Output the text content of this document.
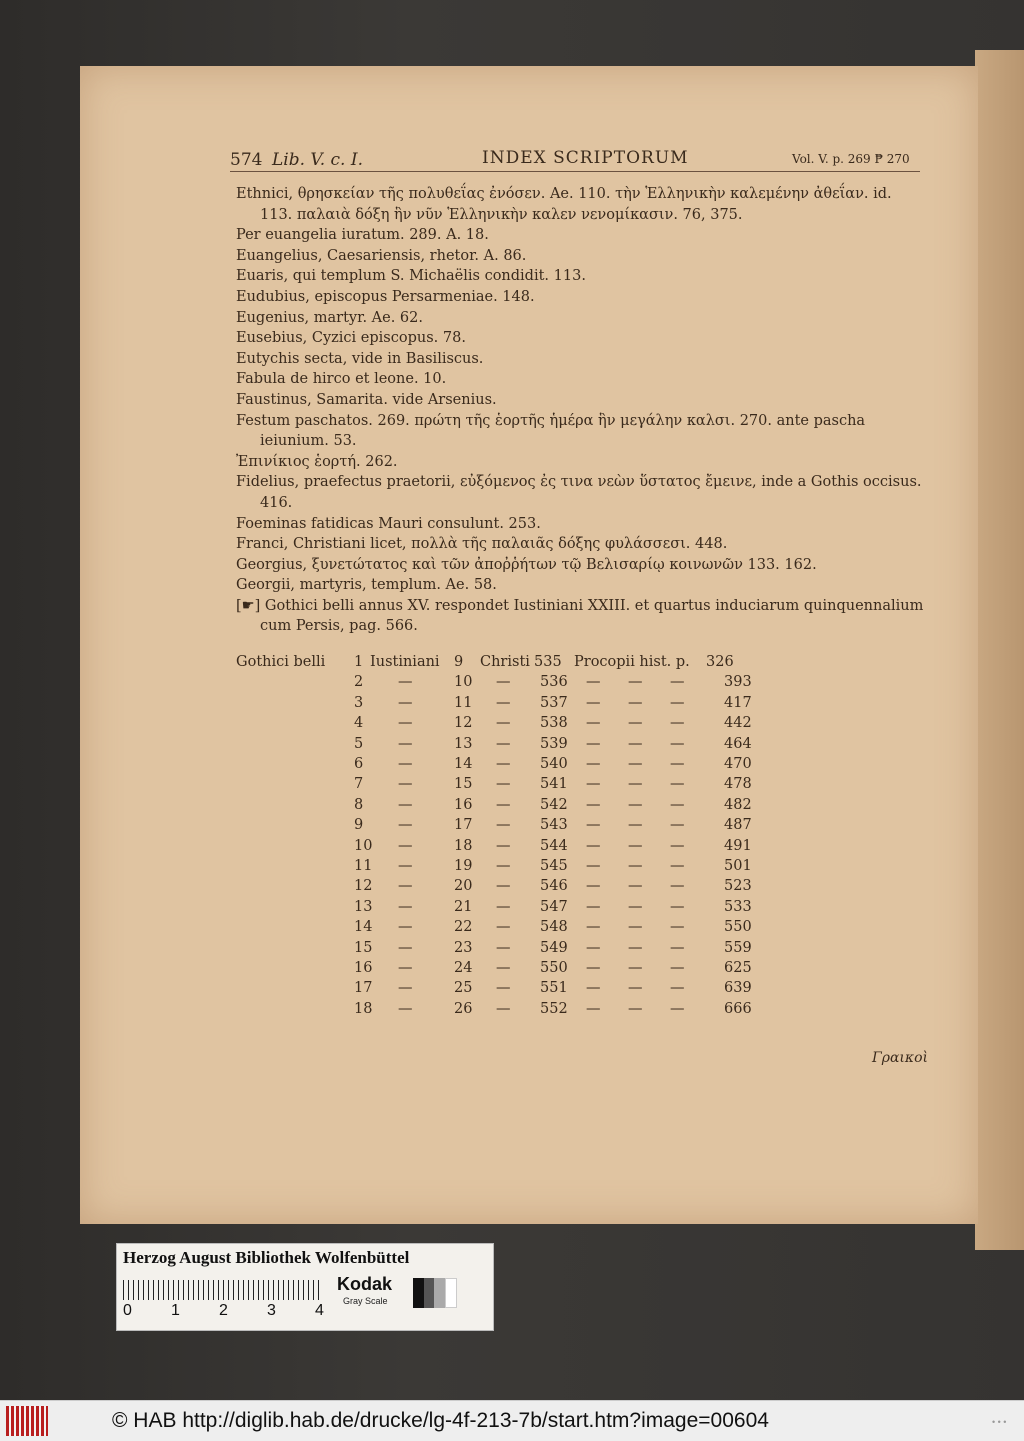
574 Lib. V. c. I.	INDEX SCRIPTORUM	Vol. V. p. 269 ₱ 270

Ethnici, θρησκείαν τῆς πολυθεΐας ἐνόσεν. Ae. 110. τὴν Ἑλληνικὴν καλεμένην ἀθεΐαν. id. 113. παλαιὰ δόξη ἣν νῦν Ἑλληνικὴν καλεν νενομίκασιν. 76, 375.

Per euangelia iuratum. 289. A. 18.

Euangelius, Caesariensis, rhetor. A. 86.

Euaris, qui templum S. Michaëlis condidit. 113.

Eudubius, episcopus Persarmeniae. 148.

Eugenius, martyr. Ae. 62.

Eusebius, Cyzici episcopus. 78.

Eutychis secta, vide in Basiliscus.

Fabula de hirco et leone. 10.

Faustinus, Samarita. vide Arsenius.

Festum paschatos. 269. πρώτη τῆς ἑορτῆς ἡμέρα ἣν μεγάλην καλσι. 270. ante pascha ieiunium. 53.

Ἐπινίκιος ἑορτή. 262.

Fidelius, praefectus praetorii, εὐξόμενος ἐς τινα νεὼν ὕστατος ἔμεινε, inde a Gothis occisus. 416.

Foeminas fatidicas Mauri consulunt. 253.

Franci, Christiani licet, πολλὰ τῆς παλαιᾶς δόξης φυλάσσεσι. 448.

Georgius, ξυνετώτατος καὶ τῶν ἀποῤῥήτων τῷ Βελισαρίῳ κοινωνῶν 133. 162.

Georgii, martyris, templum. Ae. 58.

[☛] Gothici belli annus XV. respondet Iustiniani XXIII. et quartus induciarum quinquennalium cum Persis, pag. 566.

Gothici belli 1 Iustiniani 9 Christi 535 Procopii hist. p. 326
2 —	10 — 536 — — —	393
3 —	11 — 537 — — —	417
4 —	12 — 538 — — —	442
5 —	13 — 539 — — —	464
6 —	14 — 540 — — —	470
7 —	15 — 541 — — —	478
8 —	16 — 542 — — —	482
9 —	17 — 543 — — —	487
10 —	18 — 544 — — —	491
11 —	19 — 545 — — —	501
12 —	20 — 546 — — —	523
13 —	21 — 547 — — —	533
14 —	22 — 548 — — —	550
15 —	23 — 549 — — —	559
16 —	24 — 550 — — —	625
17 —	25 — 551 — — —	639
18 —	26 — 552 — — —	666
Γραικοὶ
Herzog August Bibliothek Wolfenbüttel
0 1 2 3 4
Kodak
Gray Scale
© HAB http://diglib.hab.de/drucke/lg-4f-213-7b/start.htm?image=00604	• • •
